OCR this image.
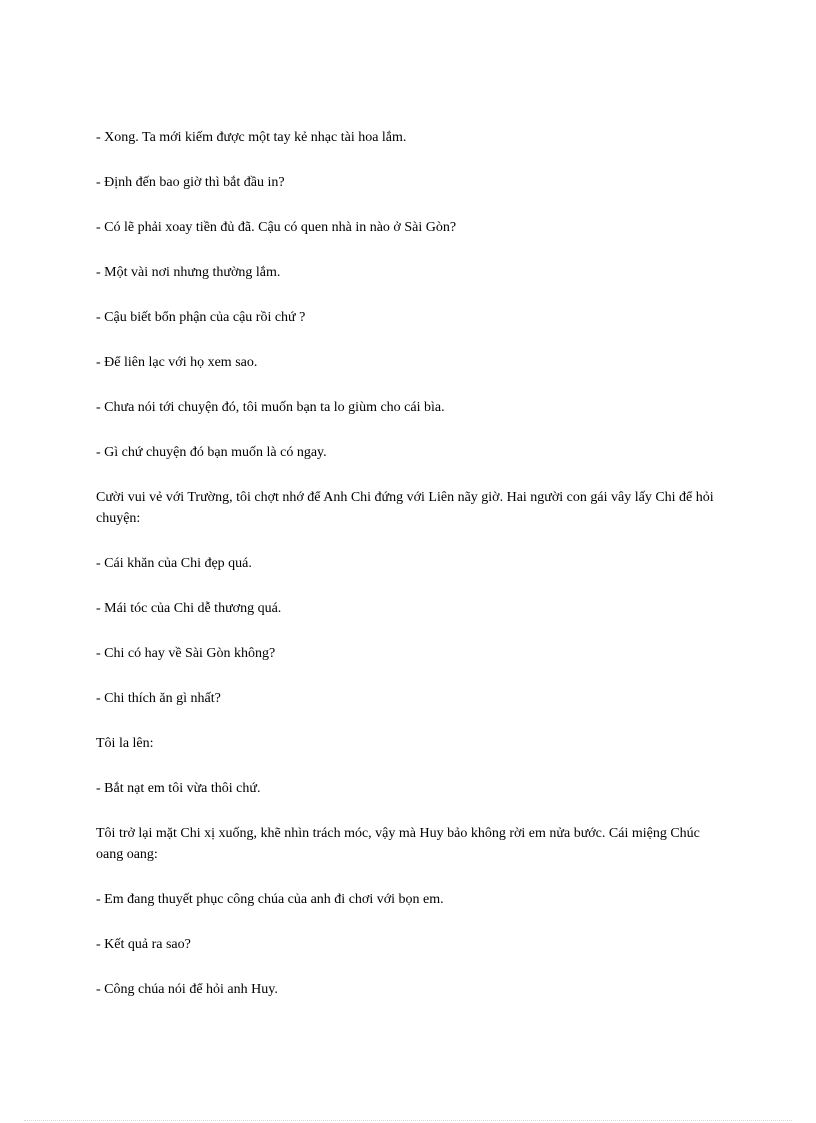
- Xong. Ta mới kiếm được một tay kẻ nhạc tài hoa lắm.

- Định đến bao giờ thì bắt đầu in?

- Có lẽ phải xoay tiền đủ đã. Cậu có quen nhà in nào ở Sài Gòn?

- Một vài nơi nhưng thường lắm.

- Cậu biết bổn phận của cậu rồi chứ ?

- Để liên lạc với họ xem sao.

- Chưa nói tới chuyện đó, tôi muốn bạn ta lo giùm cho cái bìa.

- Gì chứ chuyện đó bạn muốn là có ngay.

Cười vui vẻ với Trường, tôi chợt nhớ để Anh Chi đứng với Liên nãy giờ. Hai người con gái vây lấy Chi để hỏi chuyện:

- Cái khăn của Chi đẹp quá.

- Mái tóc của Chi dễ thương quá.

- Chi có hay về Sài Gòn không?

- Chi thích ăn gì nhất?

Tôi la lên:

- Bắt nạt em tôi vừa thôi chứ.

Tôi trở lại mặt Chi xị xuống, khẽ nhìn trách móc, vậy mà Huy bảo không rời em nửa bước. Cái miệng Chúc oang oang:

- Em đang thuyết phục công chúa của anh đi chơi với bọn em.

- Kết quả ra sao?

- Công chúa nói để hỏi anh Huy.
